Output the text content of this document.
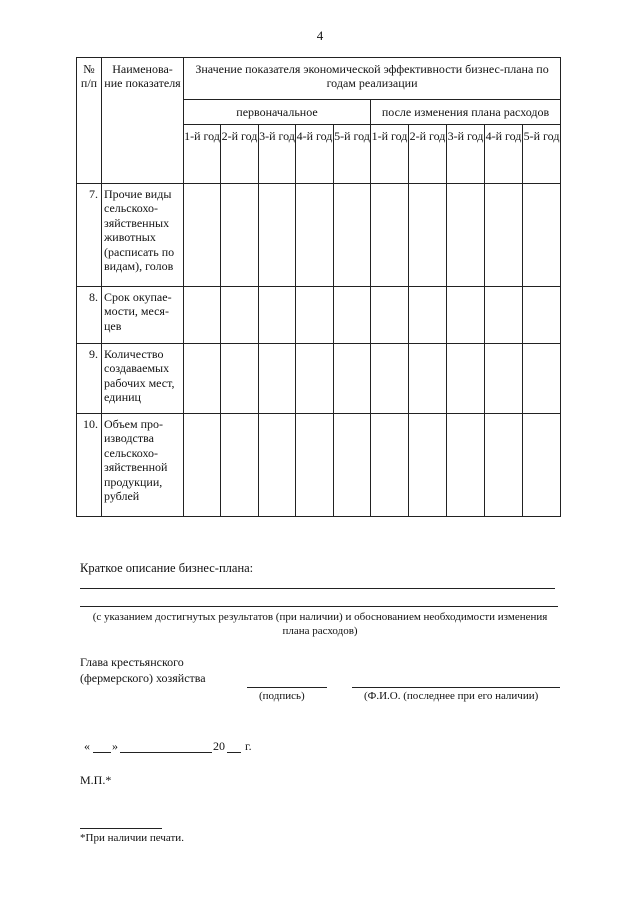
4
№ п/п	Наименова-ние показателя	Значение показателя экономической эффективности бизнес-плана по годам реализации									
		первоначальное					после изменения плана расходов				
		1-й год	2-й год	3-й год	4-й год	5-й год	1-й год	2-й год	3-й год	4-й год	5-й год
7.	Прочие виды сельскохо-зяйственных животных (расписать по видам), голов										
8.	Срок окупае-мости, меся-цев										
9.	Количество создаваемых рабочих мест, единиц										
10.	Объем про-изводства сельскохо-зяйственной продукции, рублей										
Краткое описание бизнес-плана:
(с указанием достигнутых результатов (при наличии) и обоснованием необходимости изменения плана расходов)
Глава крестьянского
(фермерского) хозяйства
(подпись)	(Ф.И.О. (последнее при его наличии)
« »	20 г.
М.П.*
*При наличии печати.
